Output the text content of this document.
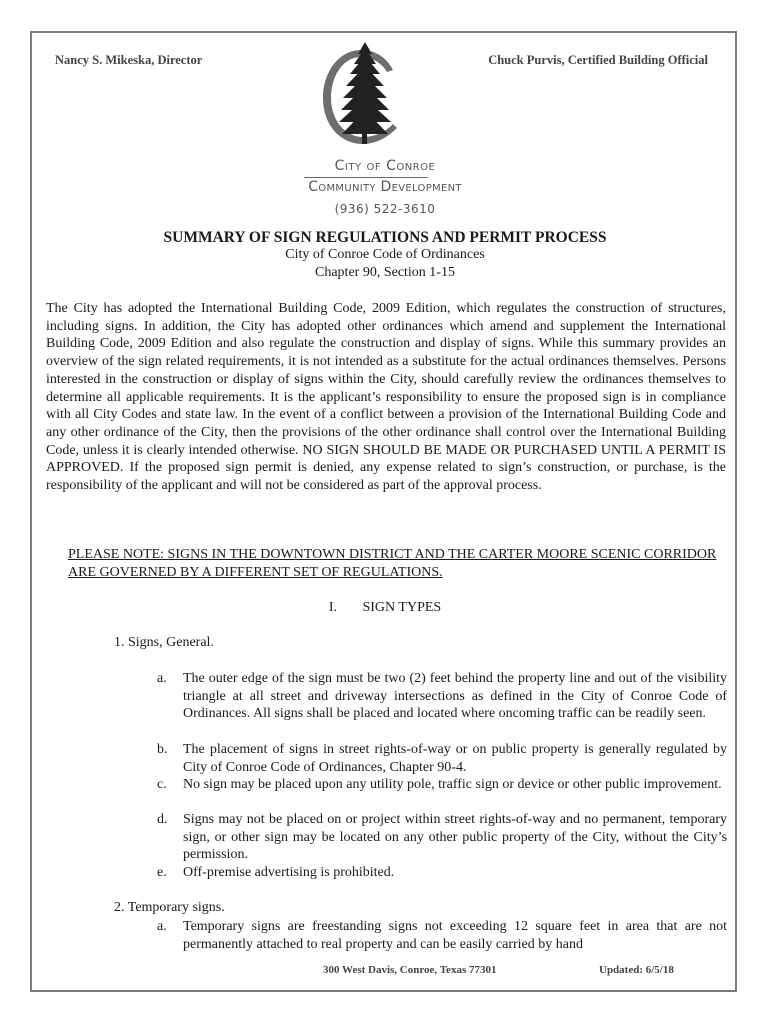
Nancy S. Mikeska, Director	Chuck Purvis, Certified Building Official
City of Conroe
Community Development
(936) 522-3610
SUMMARY OF SIGN REGULATIONS AND PERMIT PROCESS
City of Conroe Code of Ordinances
Chapter 90, Section 1-15

The City has adopted the International Building Code, 2009 Edition, which regulates the construction of structures, including signs. In addition, the City has adopted other ordinances which amend and supplement the International Building Code, 2009 Edition and also regulate the construction and display of signs. While this summary provides an overview of the sign related requirements, it is not intended as a substitute for the actual ordinances themselves. Persons interested in the construction or display of signs within the City, should carefully review the ordinances themselves to determine all applicable requirements. It is the applicant’s responsibility to ensure the proposed sign is in compliance with all City Codes and state law. In the event of a conflict between a provision of the International Building Code and any other ordinance of the City, then the provisions of the other ordinance shall control over the International Building Code, unless it is clearly intended otherwise. NO SIGN SHOULD BE MADE OR PURCHASED UNTIL A PERMIT IS APPROVED. If the proposed sign permit is denied, any expense related to sign’s construction, or purchase, is the responsibility of the applicant and will not be considered as part of the approval process.

PLEASE NOTE: SIGNS IN THE DOWNTOWN DISTRICT AND THE CARTER MOORE SCENIC CORRIDOR ARE GOVERNED BY A DIFFERENT SET OF REGULATIONS.

I. SIGN TYPES
1. Signs, General.
a.	The outer edge of the sign must be two (2) feet behind the property line and out of the visibility triangle at all street and driveway intersections as defined in the City of Conroe Code of Ordinances. All signs shall be placed and located where oncoming traffic can be readily seen.
b.	The placement of signs in street rights-of-way or on public property is generally regulated by City of Conroe Code of Ordinances, Chapter 90-4.
c.	No sign may be placed upon any utility pole, traffic sign or device or other public improvement.
d.	Signs may not be placed on or project within street rights-of-way and no permanent, temporary sign, or other sign may be located on any other public property of the City, without the City’s permission.
e.	Off-premise advertising is prohibited.
2. Temporary signs.
a.	Temporary signs are freestanding signs not exceeding 12 square feet in area that are not permanently attached to real property and can be easily carried by hand
300 West Davis, Conroe, Texas 77301	Updated: 6/5/18
